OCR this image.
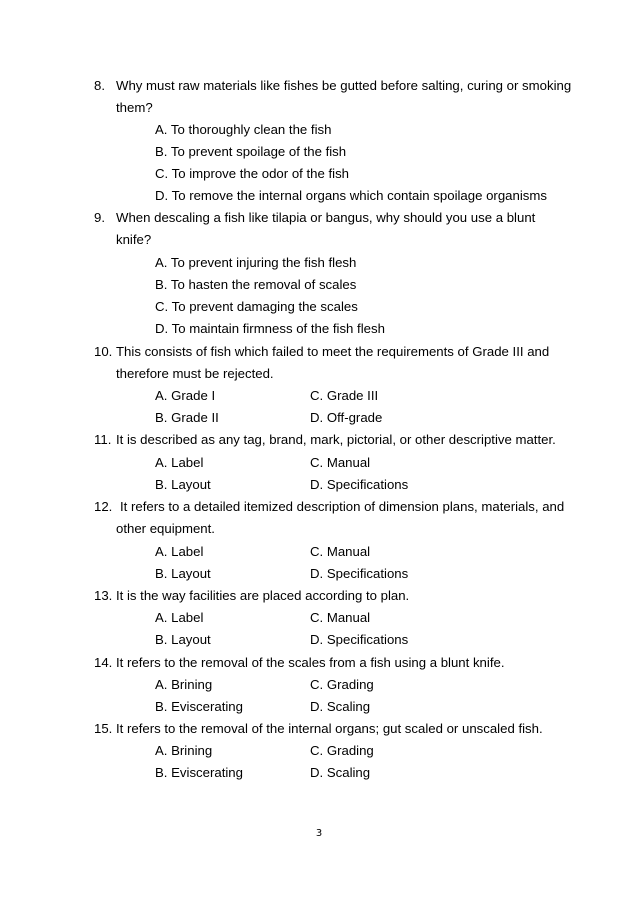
8. Why must raw materials like fishes be gutted before salting, curing or smoking
them?
A. To thoroughly clean the fish
B. To prevent spoilage of the fish
C. To improve the odor of the fish
D. To remove the internal organs which contain spoilage organisms
9. When descaling a fish like tilapia or bangus, why should you use a blunt
knife?
A. To prevent injuring the fish flesh
B. To hasten the removal of scales
C. To prevent damaging the scales
D. To maintain firmness of the fish flesh
10. This consists of fish which failed to meet the requirements of Grade III and
therefore must be rejected.
A. Grade I	C. Grade III
B. Grade II	D. Off-grade
11. It is described as any tag, brand, mark, pictorial, or other descriptive matter.
A. Label	C. Manual
B. Layout	D. Specifications
12. It refers to a detailed itemized description of dimension plans, materials, and
other equipment.
A. Label	C. Manual
B. Layout	D. Specifications
13. It is the way facilities are placed according to plan.
A. Label	C. Manual
B. Layout	D. Specifications
14. It refers to the removal of the scales from a fish using a blunt knife.
A. Brining	C. Grading
B. Eviscerating	D. Scaling
15. It refers to the removal of the internal organs; gut scaled or unscaled fish.
A. Brining	C. Grading
B. Eviscerating	D. Scaling
3
